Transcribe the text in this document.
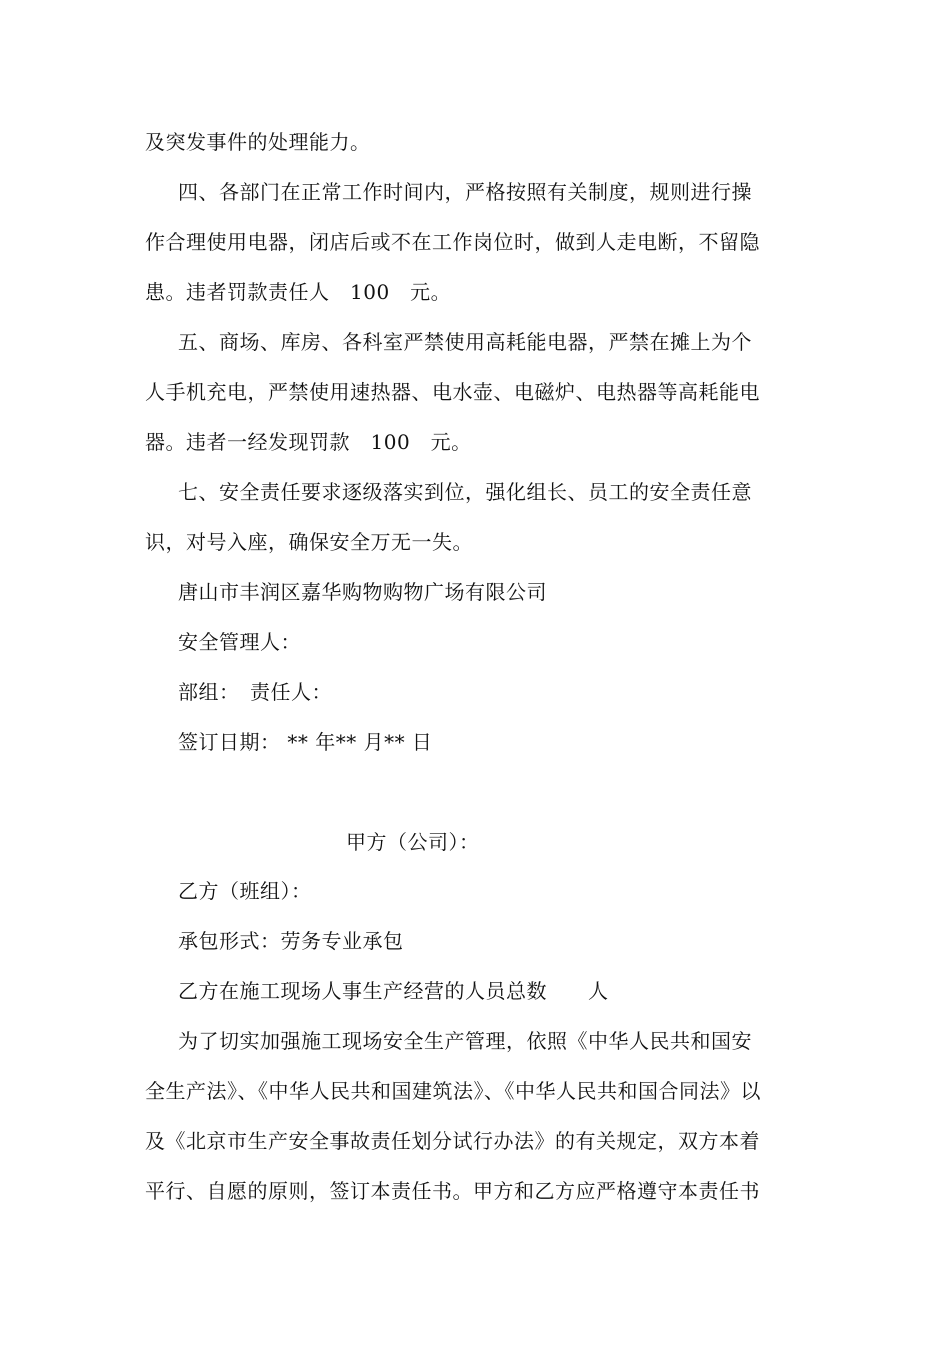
及突发事件的处理能力。
四、各部门在正常工作时间内，严格按照有关制度，规则进行操
作合理使用电器，闭店后或不在工作岗位时，做到人走电断，不留隐
患。违者罚款责任人　100　元。
五、商场、库房、各科室严禁使用高耗能电器，严禁在摊上为个
人手机充电，严禁使用速热器、电水壶、电磁炉、电热器等高耗能电
器。违者一经发现罚款　100　元。
七、安全责任要求逐级落实到位，强化组长、员工的安全责任意
识，对号入座，确保安全万无一失。
唐山市丰润区嘉华购物购物广场有限公司
安全管理人：
部组：　责任人：
签订日期： ** 年** 月** 日
甲方（公司）：
乙方（班组）：
承包形式：劳务专业承包
乙方在施工现场人事生产经营的人员总数　　人
为了切实加强施工现场安全生产管理，依照《中华人民共和国安
全生产法》、《中华人民共和国建筑法》、《中华人民共和国合同法》以
及《北京市生产安全事故责任划分试行办法》的有关规定，双方本着
平行、自愿的原则，签订本责任书。甲方和乙方应严格遵守本责任书
